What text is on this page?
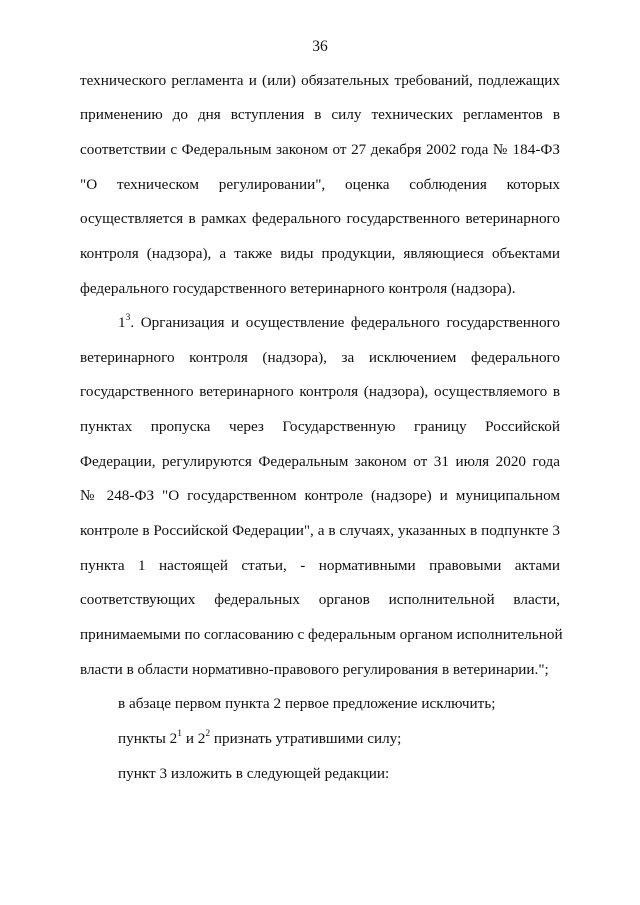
36
технического регламента и (или) обязательных требований, подлежащих
применению до дня вступления в силу технических регламентов в
соответствии с Федеральным законом от 27 декабря 2002 года № 184-ФЗ
"О техническом регулировании", оценка соблюдения которых
осуществляется в рамках федерального государственного ветеринарного
контроля (надзора), а также виды продукции, являющиеся объектами
федерального государственного ветеринарного контроля (надзора).
$1^3$. Организация и осуществление федерального государственного
ветеринарного контроля (надзора), за исключением федерального
государственного ветеринарного контроля (надзора), осуществляемого в
пунктах пропуска через Государственную границу Российской
Федерации, регулируются Федеральным законом от 31 июля 2020 года
№ 248-ФЗ "О государственном контроле (надзоре) и муниципальном
контроле в Российской Федерации", а в случаях, указанных в подпункте 3
пункта 1 настоящей статьи, - нормативными правовыми актами
соответствующих федеральных органов исполнительной власти,
принимаемыми по согласованию с федеральным органом исполнительной
власти в области нормативно-правового регулирования в ветеринарии.";
в абзаце первом пункта 2 первое предложение исключить;
пункты $2^1$ и $2^2$ признать утратившими силу;
пункт 3 изложить в следующей редакции:
